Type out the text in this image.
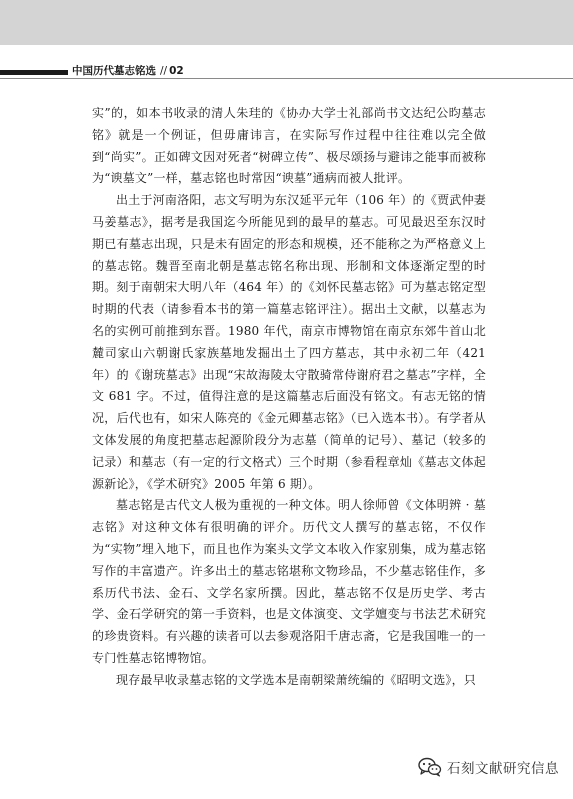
中国历代墓志铭选 // 02

实”的，如本书收录的清人朱珪的《协办大学士礼部尚书文达纪公昀墓志铭》就是一个例证，但毋庸讳言，在实际写作过程中往往难以完全做到“尚实”。正如碑文因对死者“树碑立传”、极尽颂扬与避讳之能事而被称为“谀墓文”一样，墓志铭也时常因“谀墓”通病而被人批评。

出土于河南洛阳，志文写明为东汉延平元年（106 年）的《贾武仲妻马姜墓志》，据考是我国迄今所能见到的最早的墓志。可见最迟至东汉时期已有墓志出现，只是未有固定的形态和规模，还不能称之为严格意义上的墓志铭。魏晋至南北朝是墓志铭名称出现、形制和文体逐渐定型的时期。刻于南朝宋大明八年（464 年）的《刘怀民墓志铭》可为墓志铭定型时期的代表（请参看本书的第一篇墓志铭评注）。据出土文献，以墓志为名的实例可前推到东晋。1980 年代，南京市博物馆在南京东郊牛首山北麓司家山六朝谢氏家族墓地发掘出土了四方墓志，其中永初二年（421 年）的《谢珫墓志》出现“宋故海陵太守散骑常侍谢府君之墓志”字样，全文 681 字。不过，值得注意的是这篇墓志后面没有铭文。有志无铭的情况，后代也有，如宋人陈亮的《金元卿墓志铭》（已入选本书）。有学者从文体发展的角度把墓志起源阶段分为志墓（简单的记号）、墓记（较多的记录）和墓志（有一定的行文格式）三个时期（参看程章灿《墓志文体起源新论》，《学术研究》2005 年第 6 期）。

墓志铭是古代文人极为重视的一种文体。明人徐师曾《文体明辨 · 墓志铭》对这种文体有很明确的评介。历代文人撰写的墓志铭，不仅作为“实物”埋入地下，而且也作为案头文学文本收入作家别集，成为墓志铭写作的丰富遗产。许多出土的墓志铭堪称文物珍品，不少墓志铭佳作，多系历代书法、金石、文学名家所撰。因此，墓志铭不仅是历史学、考古学、金石学研究的第一手资料，也是文体演变、文学嬗变与书法艺术研究的珍贵资料。有兴趣的读者可以去参观洛阳千唐志斋，它是我国唯一的一专门性墓志铭博物馆。

现存最早收录墓志铭的文学选本是南朝梁萧统编的《昭明文选》，只

石刻文献研究信息
